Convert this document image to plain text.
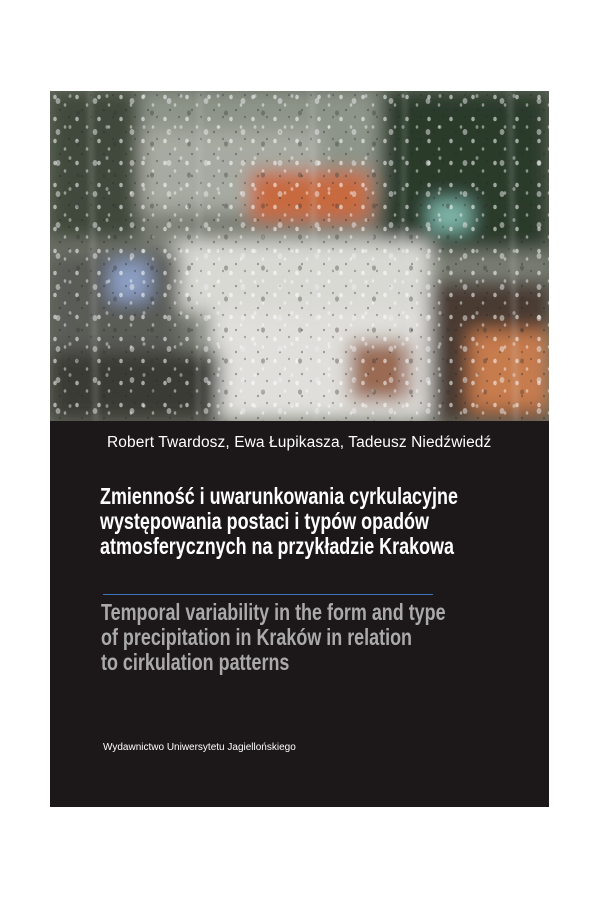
Robert Twardosz, Ewa Łupikasza, Tadeusz Niedźwiedź
Zmienność i uwarunkowania cyrkulacyjne
występowania postaci i typów opadów
atmosferycznych na przykładzie Krakowa
Temporal variability in the form and type
of precipitation in Kraków in relation
to cirkulation patterns
Wydawnictwo Uniwersytetu Jagiellońskiego
